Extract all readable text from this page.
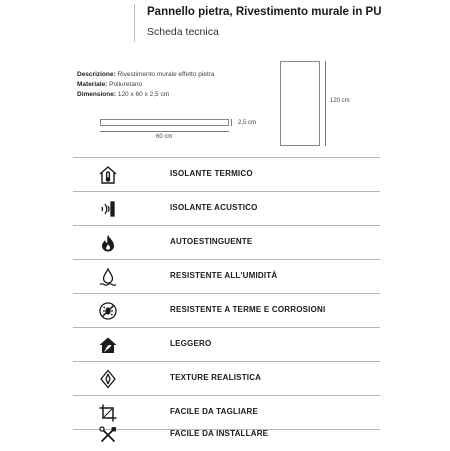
Pannello pietra, Rivestimento murale in PU
Scheda tecnica
Descrizione: Rivestimento murale effetto pietra
Materiale: Poliuretano
Dimensione: 120 x 60 x 2,5 cm
2,5 cm
60 cm
120 cm
ISOLANTE TERMICO
ISOLANTE ACUSTICO
AUTOESTINGUENTE
RESISTENTE ALL'UMIDITÀ
RESISTENTE A TERME E CORROSIONI
LEGGERO
TEXTURE REALISTICA
FACILE DA TAGLIARE
FACILE DA INSTALLARE
